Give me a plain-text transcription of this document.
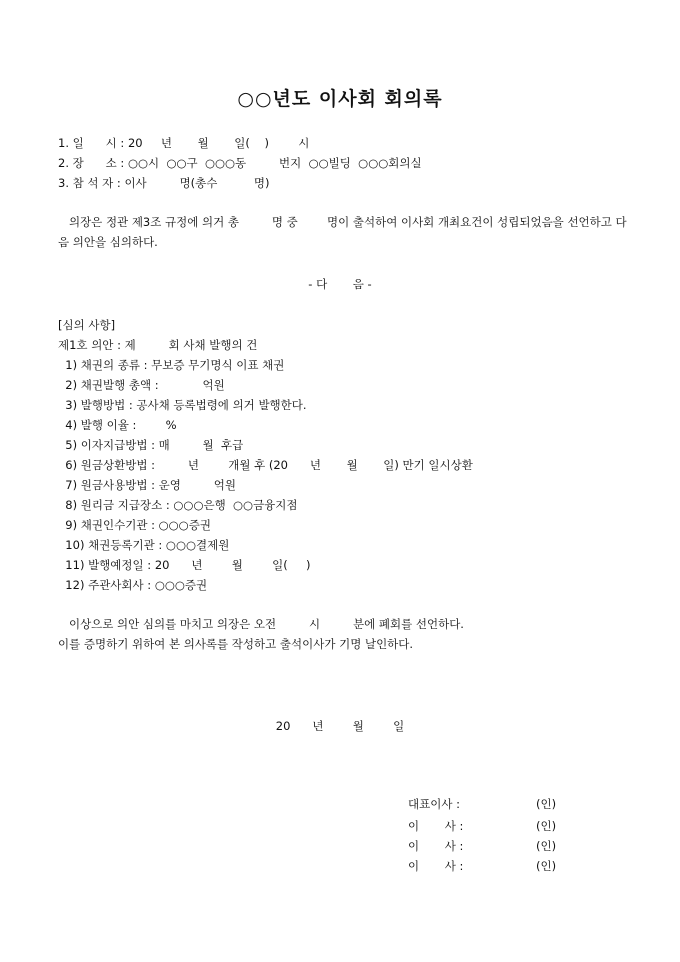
○○년도 이사회 회의록
1. 일      시 : 20     년       월       일(    )        시
2. 장      소 : ○○시  ○○구  ○○○동         번지  ○○빌딩  ○○○회의실
3. 참 석 자 : 이사         명(총수          명)
의장은 정관 제3조 규정에 의거 총         명 중        명이 출석하여 이사회 개최요건이 성립되었음을 선언하고 다음 의안을 심의하다.
- 다       음 -
[심의 사항]
제1호 의안 : 제         회 사채 발행의 건
1) 채권의 종류 : 무보증 무기명식 이표 채권
2) 채권발행 총액 :            억원
3) 발행방법 : 공사채 등록법령에 의거 발행한다.
4) 발행 이율 :        %
5) 이자지급방법 : 매         월  후급
6) 원금상환방법 :         년        개월 후 (20      년       월       일) 만기 일시상환
7) 원금사용방법 : 운영         억원
8) 원리금 지급장소 : ○○○은행  ○○금융지점
9) 채권인수기관 : ○○○증권
10) 채권등록기관 : ○○○결제원
11) 발행예정일 : 20      년        월        일(     )
12) 주관사회사 : ○○○증권
이상으로 의안 심의를 마치고 의장은 오전         시         분에 폐회를 선언하다.
이를 증명하기 위하여 본 의사록를 작성하고 출석이사가 기명 날인하다.
20      년        월        일
대표이사 :	(인)
이       사 :	(인)
이       사 :	(인)
이       사 :	(인)
